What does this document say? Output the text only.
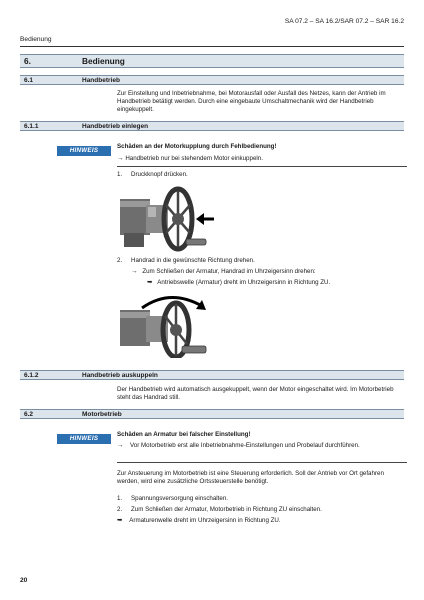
SA 07.2 – SA 16.2/SAR 07.2 – SAR 16.2
Bedienung
6.	Bedienung
6.1	Handbetrieb
Zur Einstellung und Inbetriebnahme, bei Motorausfall oder Ausfall des Netzes, kann der Antrieb im Handbetrieb betätigt werden. Durch eine eingebaute Umschaltmechanik wird der Handbetrieb eingekuppelt.
6.1.1	Handbetrieb einlegen
HINWEIS
Schäden an der Motorkupplung durch Fehlbedienung!
→ Handbetrieb nur bei stehendem Motor einkuppeln.
1. Druckknopf drücken.
2. Handrad in die gewünschte Richtung drehen.
→ Zum Schließen der Armatur, Handrad im Uhrzeigersinn drehen:
➥ Antriebswelle (Armatur) dreht im Uhrzeigersinn in Richtung ZU.
6.1.2	Handbetrieb auskuppeln
Der Handbetrieb wird automatisch ausgekuppelt, wenn der Motor eingeschaltet wird. Im Motorbetrieb steht das Handrad still.
6.2	Motorbetrieb
HINWEIS
Schäden an Armatur bei falscher Einstellung!
→ Vor Motorbetrieb erst alle Inbetriebnahme-Einstellungen und Probelauf durchführen.
Zur Ansteuerung im Motorbetrieb ist eine Steuerung erforderlich. Soll der Antrieb vor Ort gefahren werden, wird eine zusätzliche Ortssteuerstelle benötigt.
1. Spannungsversorgung einschalten.
2. Zum Schließen der Armatur, Motorbetrieb in Richtung ZU einschalten.
➥ Armaturenwelle dreht im Uhrzeigersinn in Richtung ZU.
20
